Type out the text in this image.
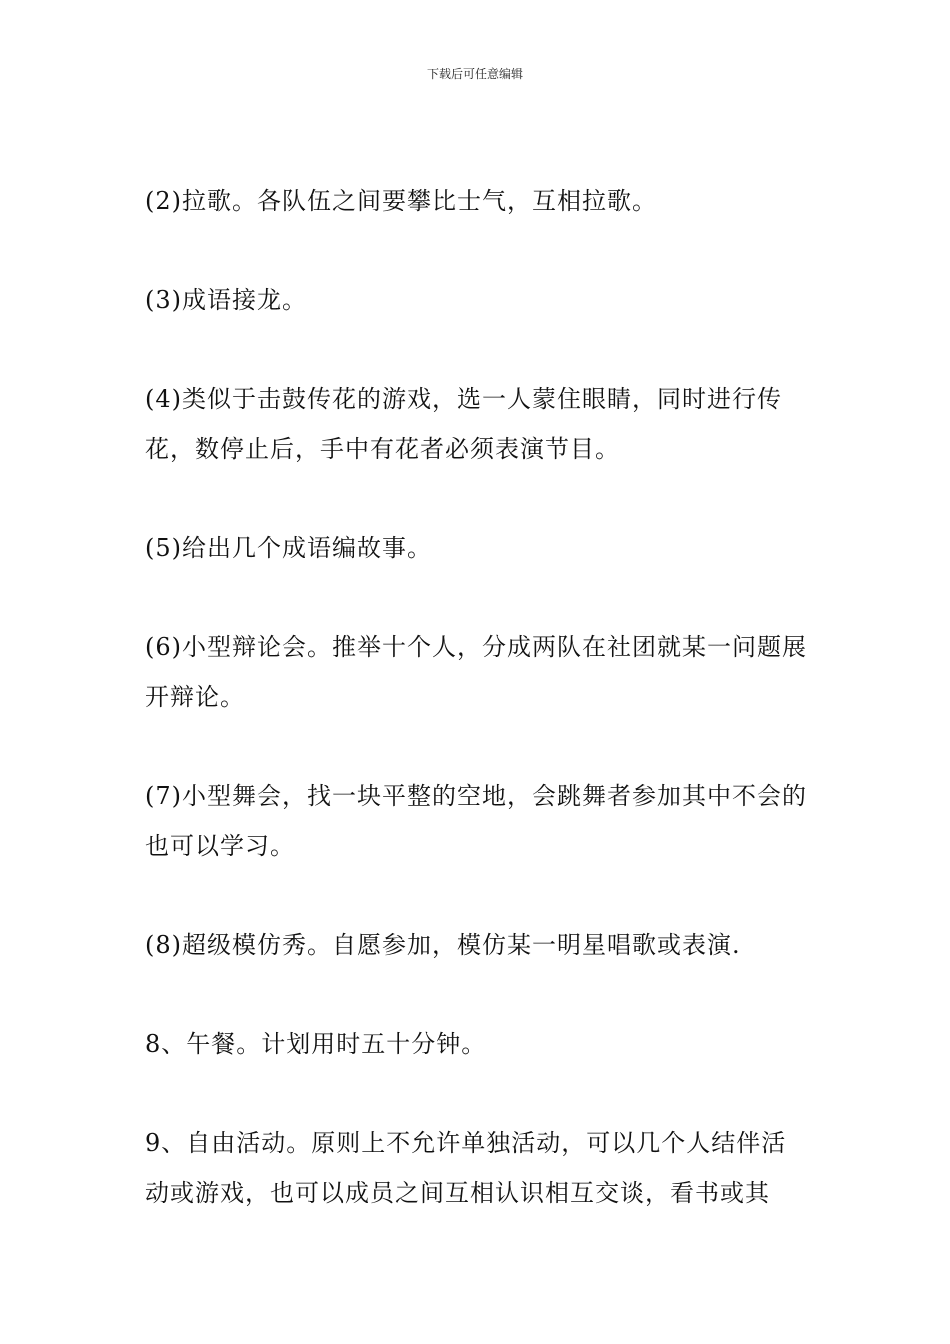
下载后可任意编辑

(2)拉歌。各队伍之间要攀比士气，互相拉歌。

(3)成语接龙。

(4)类似于击鼓传花的游戏，选一人蒙住眼睛，同时进行传花，数停止后，手中有花者必须表演节目。

(5)给出几个成语编故事。

(6)小型辩论会。推举十个人，分成两队在社团就某一问题展开辩论。

(7)小型舞会，找一块平整的空地，会跳舞者参加其中不会的也可以学习。

(8)超级模仿秀。自愿参加，模仿某一明星唱歌或表演.

8、午餐。计划用时五十分钟。

9、自由活动。原则上不允许单独活动，可以几个人结伴活动或游戏，也可以成员之间互相认识相互交谈，看书或其
